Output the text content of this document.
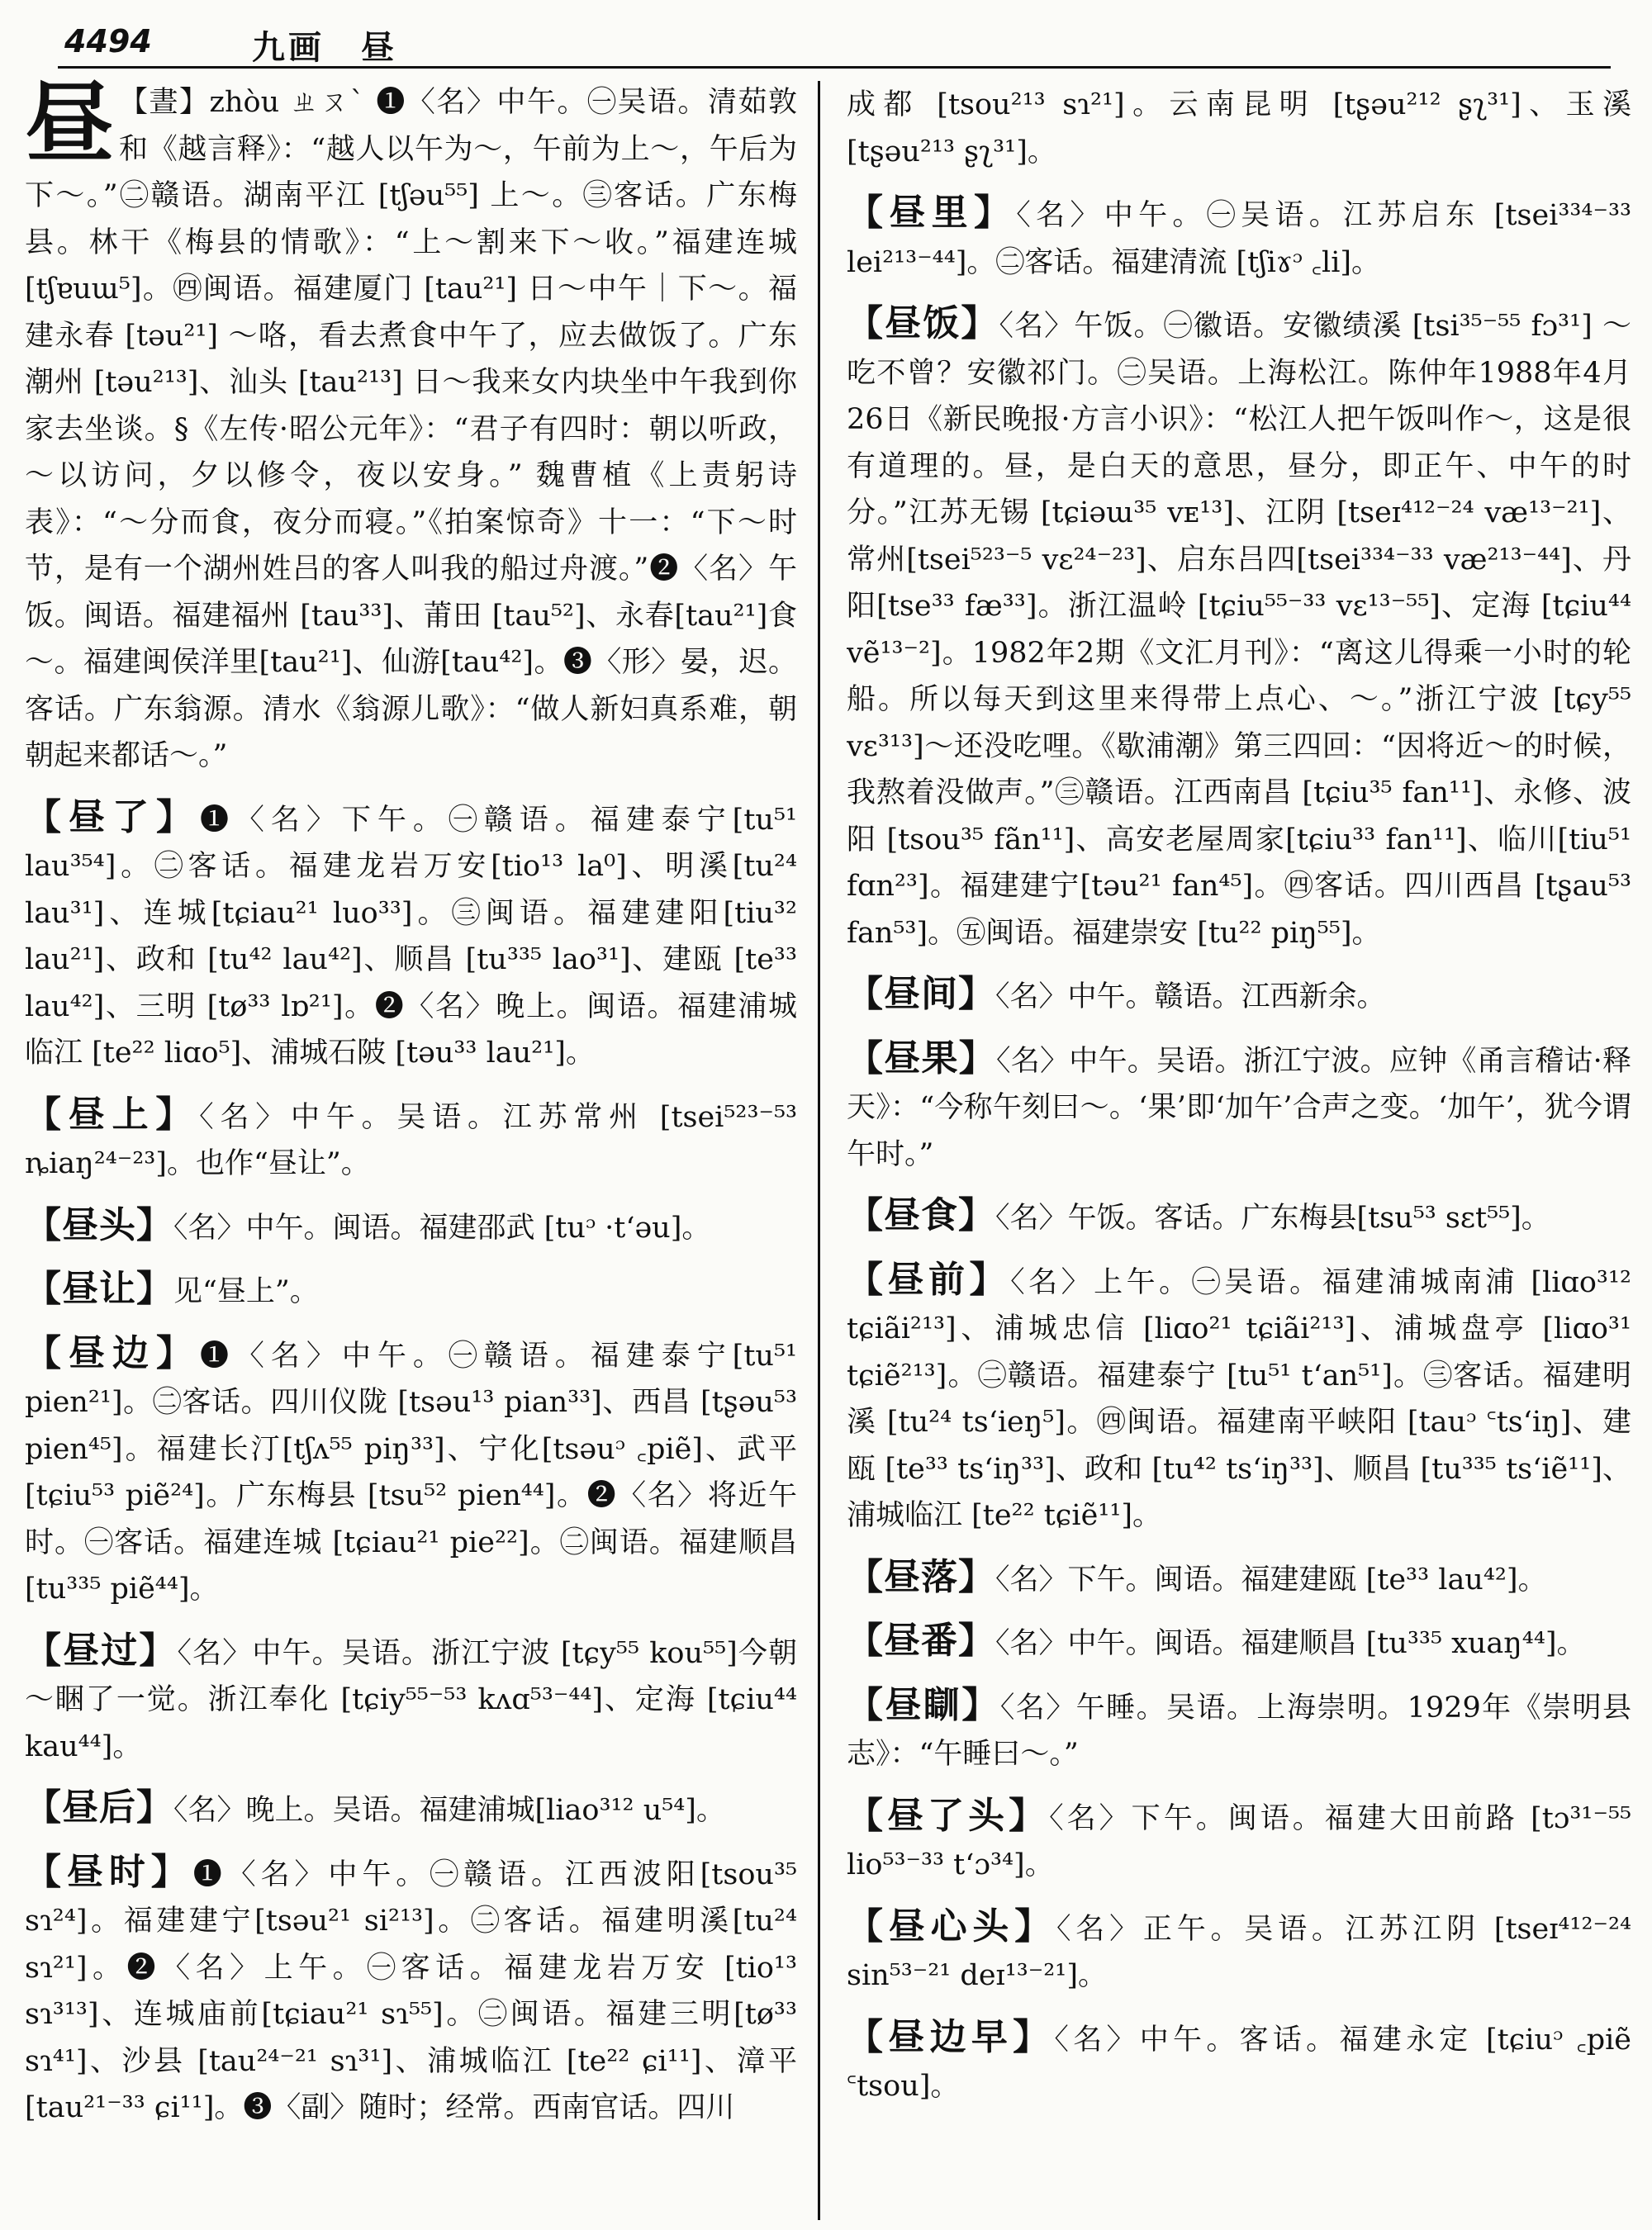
4494	九画　昼
昼 【晝】zhòu ㄓㄡˋ ❶〈名〉中午。㊀吴语。清茹敦和《越言释》：“越人以午为～，午前为上～，午后为下～。”㊁赣语。湖南平江 [tʃəu⁵⁵] 上～。㊂客话。广东梅县。林干《梅县的情歌》：“上～割来下～收。”福建连城 [tʃɐuɯ⁵]。㊃闽语。福建厦门 [tau²¹] 日～中午｜下～。福建永春 [təu²¹] ～咯，看去煮食中午了，应去做饭了。广东潮州 [təu²¹³]、汕头 [tau²¹³] 日～我来女内块坐中午我到你家去坐谈。§《左传·昭公元年》：“君子有四时：朝以听政，～以访问，夕以修令，夜以安身。” 魏曹植《上责躬诗表》：“～分而食，夜分而寝。”《拍案惊奇》十一：“下～时节，是有一个湖州姓吕的客人叫我的船过舟渡。”❷〈名〉午饭。闽语。福建福州 [tau³³]、莆田 [tau⁵²]、永春[tau²¹]食～。福建闽侯洋里[tau²¹]、仙游[tau⁴²]。❸〈形〉晏，迟。客话。广东翁源。清水《翁源儿歌》：“做人新妇真系难，朝朝起来都话～。”

【昼了】❶〈名〉下午。㊀赣语。福建泰宁[tu⁵¹ lau³⁵⁴]。㊁客话。福建龙岩万安[tio¹³ la⁰]、明溪[tu²⁴ lau³¹]、连城[tɕiau²¹ luo³³]。㊂闽语。福建建阳[tiu³² lau²¹]、政和 [tu⁴² lau⁴²]、顺昌 [tu³³⁵ lao³¹]、建瓯 [te³³ lau⁴²]、三明 [tø³³ lɒ²¹]。❷〈名〉晚上。闽语。福建浦城临江 [te²² liɑo⁵]、浦城石陂 [təu³³ lau²¹]。

【昼上】〈名〉中午。吴语。江苏常州 [tsei⁵²³⁻⁵³ ȵiaŋ²⁴⁻²³]。也作“昼让”。

【昼头】〈名〉中午。闽语。福建邵武 [tuᵓ ·tʻəu]。

【昼让】见“昼上”。

【昼边】❶〈名〉中午。㊀赣语。福建泰宁[tu⁵¹ pien²¹]。㊁客话。四川仪陇 [tsəu¹³ pian³³]、西昌 [tʂəu⁵³ pien⁴⁵]。福建长汀[tʃʌ⁵⁵ piŋ³³]、宁化[tsəuᵓ ꜀piẽ]、武平 [tɕiu⁵³ piẽ²⁴]。广东梅县 [tsu⁵² pien⁴⁴]。❷〈名〉将近午时。㊀客话。福建连城 [tɕiau²¹ pie²²]。㊁闽语。福建顺昌 [tu³³⁵ piẽ⁴⁴]。

【昼过】〈名〉中午。吴语。浙江宁波 [tɕy⁵⁵ kou⁵⁵]今朝～睏了一觉。浙江奉化 [tɕiy⁵⁵⁻⁵³ kʌɑ⁵³⁻⁴⁴]、定海 [tɕiu⁴⁴ kau⁴⁴]。

【昼后】〈名〉晚上。吴语。福建浦城[liao³¹² u⁵⁴]。

【昼时】❶〈名〉中午。㊀赣语。江西波阳[tsou³⁵ sɿ²⁴]。福建建宁[tsəu²¹ si²¹³]。㊁客话。福建明溪[tu²⁴ sɿ²¹]。❷〈名〉上午。㊀客话。福建龙岩万安 [tio¹³ sɿ³¹³]、连城庙前[tɕiau²¹ sɿ⁵⁵]。㊁闽语。福建三明[tø³³ sɿ⁴¹]、沙县 [tau²⁴⁻²¹ sɿ³¹]、浦城临江 [te²² ɕi¹¹]、漳平 [tau²¹⁻³³ ɕi¹¹]。❸〈副〉随时；经常。西南官话。四川

成都 [tsou²¹³ sɿ²¹]。云南昆明 [tʂəu²¹² ʂʅ³¹]、玉溪 [tʂəu²¹³ ʂʅ³¹]。

【昼里】〈名〉中午。㊀吴语。江苏启东 [tsei³³⁴⁻³³ lei²¹³⁻⁴⁴]。㊁客话。福建清流 [tʃiɤᵓ ꜀li]。

【昼饭】〈名〉午饭。㊀徽语。安徽绩溪 [tsi³⁵⁻⁵⁵ fɔ³¹] ～吃不曾？安徽祁门。㊁吴语。上海松江。陈仲年1988年4月26日《新民晚报·方言小识》：“松江人把午饭叫作～，这是很有道理的。昼，是白天的意思，昼分，即正午、中午的时分。”江苏无锡 [tɕiəɯ³⁵ vᴇ¹³]、江阴 [tseɪ⁴¹²⁻²⁴ væ¹³⁻²¹]、常州[tsei⁵²³⁻⁵ vɛ²⁴⁻²³]、启东吕四[tsei³³⁴⁻³³ væ²¹³⁻⁴⁴]、丹阳[tse³³ fæ³³]。浙江温岭 [tɕiu⁵⁵⁻³³ vɛ¹³⁻⁵⁵]、定海 [tɕiu⁴⁴ vẽ¹³⁻²]。1982年2期《文汇月刊》：“离这儿得乘一小时的轮船。所以每天到这里来得带上点心、～。”浙江宁波 [tɕy⁵⁵ vɛ³¹³]～还没吃哩。《歇浦潮》第三四回：“因将近～的时候，我熬着没做声。”㊂赣语。江西南昌 [tɕiu³⁵ fan¹¹]、永修、波阳 [tsou³⁵ fãn¹¹]、高安老屋周家[tɕiu³³ fan¹¹]、临川[tiu⁵¹ fɑn²³]。福建建宁[təu²¹ fan⁴⁵]。㊃客话。四川西昌 [tʂau⁵³ fan⁵³]。㊄闽语。福建崇安 [tu²² piŋ⁵⁵]。

【昼间】〈名〉中午。赣语。江西新余。

【昼果】〈名〉中午。吴语。浙江宁波。应钟《甬言稽诂·释天》：“今称午刻曰～。‘果’即‘加午’合声之变。‘加午’，犹今谓午时。”

【昼食】〈名〉午饭。客话。广东梅县[tsu⁵³ sɛt⁵⁵]。

【昼前】〈名〉上午。㊀吴语。福建浦城南浦 [liɑo³¹² tɕiãi²¹³]、浦城忠信 [liɑo²¹ tɕiãi²¹³]、浦城盘亭 [liɑo³¹ tɕiẽ²¹³]。㊁赣语。福建泰宁 [tu⁵¹ tʻan⁵¹]。㊂客话。福建明溪 [tu²⁴ tsʻieŋ⁵]。㊃闽语。福建南平峡阳 [tauᵓ ꜂tsʻiŋ]、建瓯 [te³³ tsʻiŋ³³]、政和 [tu⁴² tsʻiŋ³³]、顺昌 [tu³³⁵ tsʻiẽ¹¹]、浦城临江 [te²² tɕiẽ¹¹]。

【昼落】〈名〉下午。闽语。福建建瓯 [te³³ lau⁴²]。

【昼番】〈名〉中午。闽语。福建顺昌 [tu³³⁵ xuaŋ⁴⁴]。

【昼瞓】〈名〉午睡。吴语。上海崇明。1929年《崇明县志》：“午睡曰～。”

【昼了头】〈名〉下午。闽语。福建大田前路 [tɔ³¹⁻⁵⁵ lio⁵³⁻³³ tʻɔ³⁴]。

【昼心头】〈名〉正午。吴语。江苏江阴 [tseɪ⁴¹²⁻²⁴ sin⁵³⁻²¹ deɪ¹³⁻²¹]。

【昼边早】〈名〉中午。客话。福建永定 [tɕiuᵓ ꜀piẽ ꜂tsou]。
